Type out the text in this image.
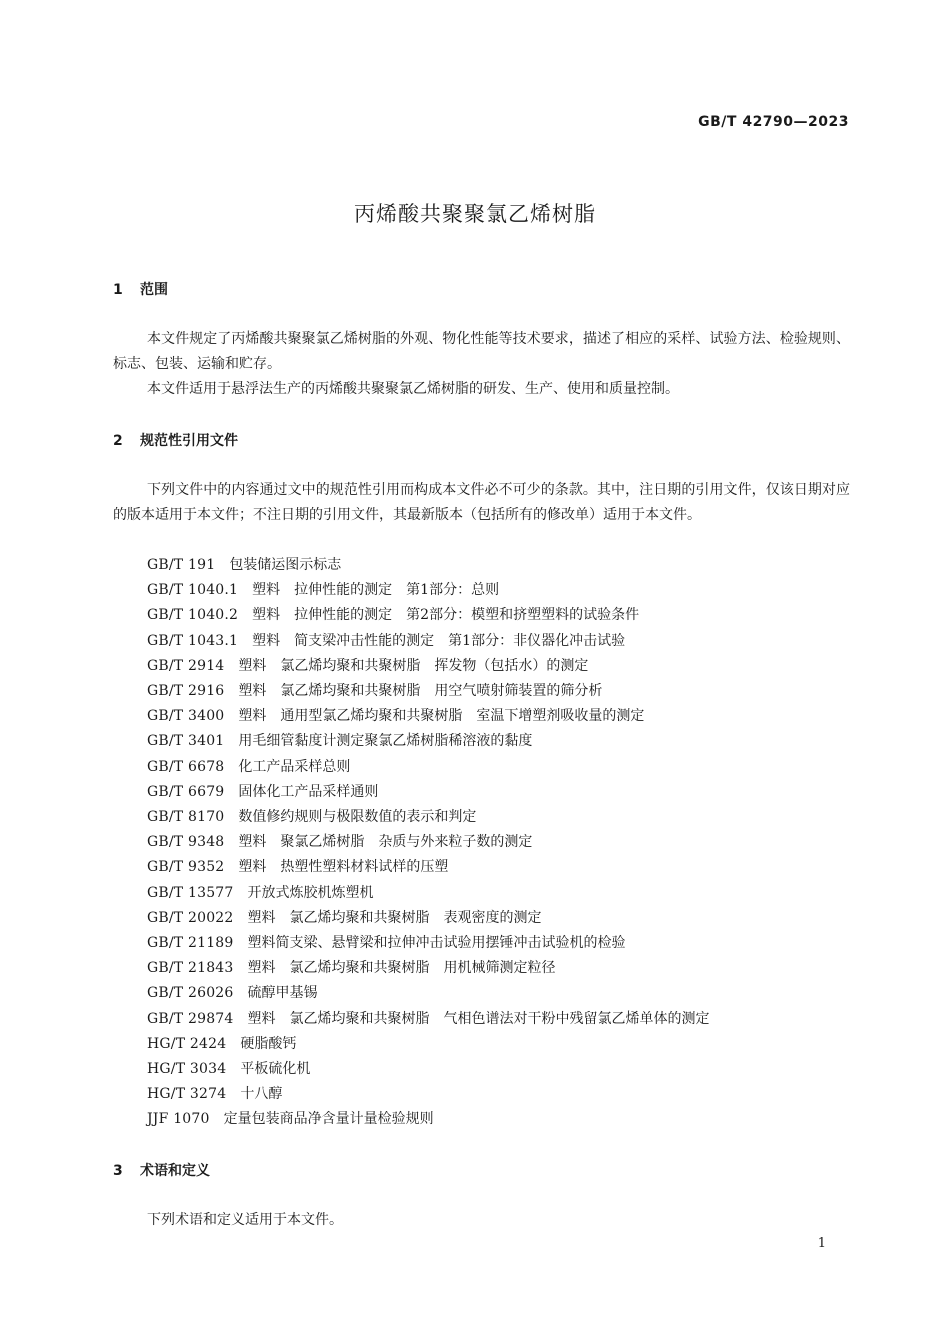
GB/T 42790—2023
丙烯酸共聚聚氯乙烯树脂
1 范围

本文件规定了丙烯酸共聚聚氯乙烯树脂的外观、物化性能等技术要求，描述了相应的采样、试验方法、检验规则、标志、包装、运输和贮存。

本文件适用于悬浮法生产的丙烯酸共聚聚氯乙烯树脂的研发、生产、使用和质量控制。

2 规范性引用文件

下列文件中的内容通过文中的规范性引用而构成本文件必不可少的条款。其中，注日期的引用文件，仅该日期对应的版本适用于本文件；不注日期的引用文件，其最新版本（包括所有的修改单）适用于本文件。

GB/T 191　 包装储运图示标志
GB/T 1040.1　 塑料　拉伸性能的测定　第1部分：总则
GB/T 1040.2　 塑料　拉伸性能的测定　第2部分：模塑和挤塑塑料的试验条件
GB/T 1043.1　 塑料　简支梁冲击性能的测定　第1部分：非仪器化冲击试验
GB/T 2914　 塑料　氯乙烯均聚和共聚树脂　挥发物（包括水）的测定
GB/T 2916　 塑料　氯乙烯均聚和共聚树脂　用空气喷射筛装置的筛分析
GB/T 3400　 塑料　通用型氯乙烯均聚和共聚树脂　室温下增塑剂吸收量的测定
GB/T 3401　 用毛细管黏度计测定聚氯乙烯树脂稀溶液的黏度
GB/T 6678　 化工产品采样总则
GB/T 6679　 固体化工产品采样通则
GB/T 8170　 数值修约规则与极限数值的表示和判定
GB/T 9348　 塑料　聚氯乙烯树脂　杂质与外来粒子数的测定
GB/T 9352　 塑料　热塑性塑料材料试样的压塑
GB/T 13577　 开放式炼胶机炼塑机
GB/T 20022　 塑料　氯乙烯均聚和共聚树脂　表观密度的测定
GB/T 21189　 塑料简支梁、悬臂梁和拉伸冲击试验用摆锤冲击试验机的检验
GB/T 21843　 塑料　氯乙烯均聚和共聚树脂　用机械筛测定粒径
GB/T 26026　 硫醇甲基锡
GB/T 29874　 塑料　氯乙烯均聚和共聚树脂　气相色谱法对干粉中残留氯乙烯单体的测定
HG/T 2424　 硬脂酸钙
HG/T 3034　 平板硫化机
HG/T 3274　 十八醇
JJF 1070　 定量包装商品净含量计量检验规则
3 术语和定义

下列术语和定义适用于本文件。

1
